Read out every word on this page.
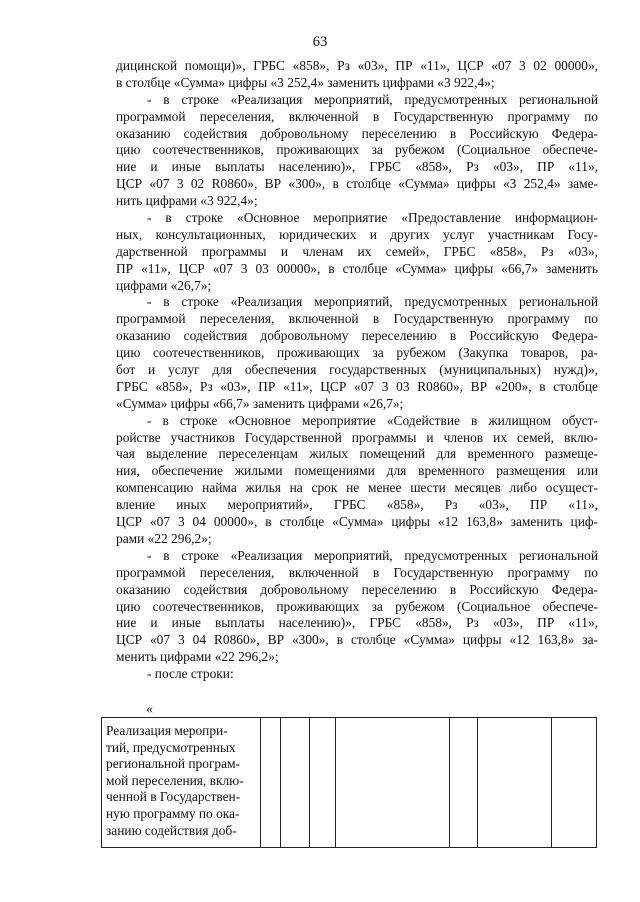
63
дицинской помощи)», ГРБС «858», Рз «03», ПР «11», ЦСР «07 3 02 00000»,
в столбце «Сумма» цифры «3 252,4» заменить цифрами «3 922,4»;
- в строке «Реализация мероприятий, предусмотренных региональной
программой переселения, включенной в Государственную программу по
оказанию содействия добровольному переселению в Российскую Федера-
цию соотечественников, проживающих за рубежом (Социальное обеспече-
ние и иные выплаты населению)», ГРБС «858», Рз «03», ПР «11»,
ЦСР «07 3 02 R0860», ВР «300», в столбце «Сумма» цифры «3 252,4» заме-
нить цифрами «3 922,4»;
- в строке «Основное мероприятие «Предоставление информацион-
ных, консультационных, юридических и других услуг участникам Госу-
дарственной программы и членам их семей», ГРБС «858», Рз «03»,
ПР «11», ЦСР «07 3 03 00000», в столбце «Сумма» цифры «66,7» заменить
цифрами «26,7»;
- в строке «Реализация мероприятий, предусмотренных региональной
программой переселения, включенной в Государственную программу по
оказанию содействия добровольному переселению в Российскую Федера-
цию соотечественников, проживающих за рубежом (Закупка товаров, ра-
бот и услуг для обеспечения государственных (муниципальных) нужд)»,
ГРБС «858», Рз «03», ПР «11», ЦСР «07 3 03 R0860», ВР «200», в столбце
«Сумма» цифры «66,7» заменить цифрами «26,7»;
- в строке «Основное мероприятие «Содействие в жилищном обуст-
ройстве участников Государственной программы и членов их семей, вклю-
чая выделение переселенцам жилых помещений для временного размеще-
ния, обеспечение жилыми помещениями для временного размещения или
компенсацию найма жилья на срок не менее шести месяцев либо осущест-
вление иных мероприятий», ГРБС «858», Рз «03», ПР «11»,
ЦСР «07 3 04 00000», в столбце «Сумма» цифры «12 163,8» заменить циф-
рами «22 296,2»;
- в строке «Реализация мероприятий, предусмотренных региональной
программой переселения, включенной в Государственную программу по
оказанию содействия добровольному переселению в Российскую Федера-
цию соотечественников, проживающих за рубежом (Социальное обеспече-
ние и иные выплаты населению)», ГРБС «858», Рз «03», ПР «11»,
ЦСР «07 3 04 R0860», ВР «300», в столбце «Сумма» цифры «12 163,8» за-
менить цифрами «22 296,2»;
- после строки:
«
Реализация меропри-
тий, предусмотренных
региональной програм-
мой переселения, вклю-
ченной в Государствен-
ную программу по ока-
занию содействия доб-
